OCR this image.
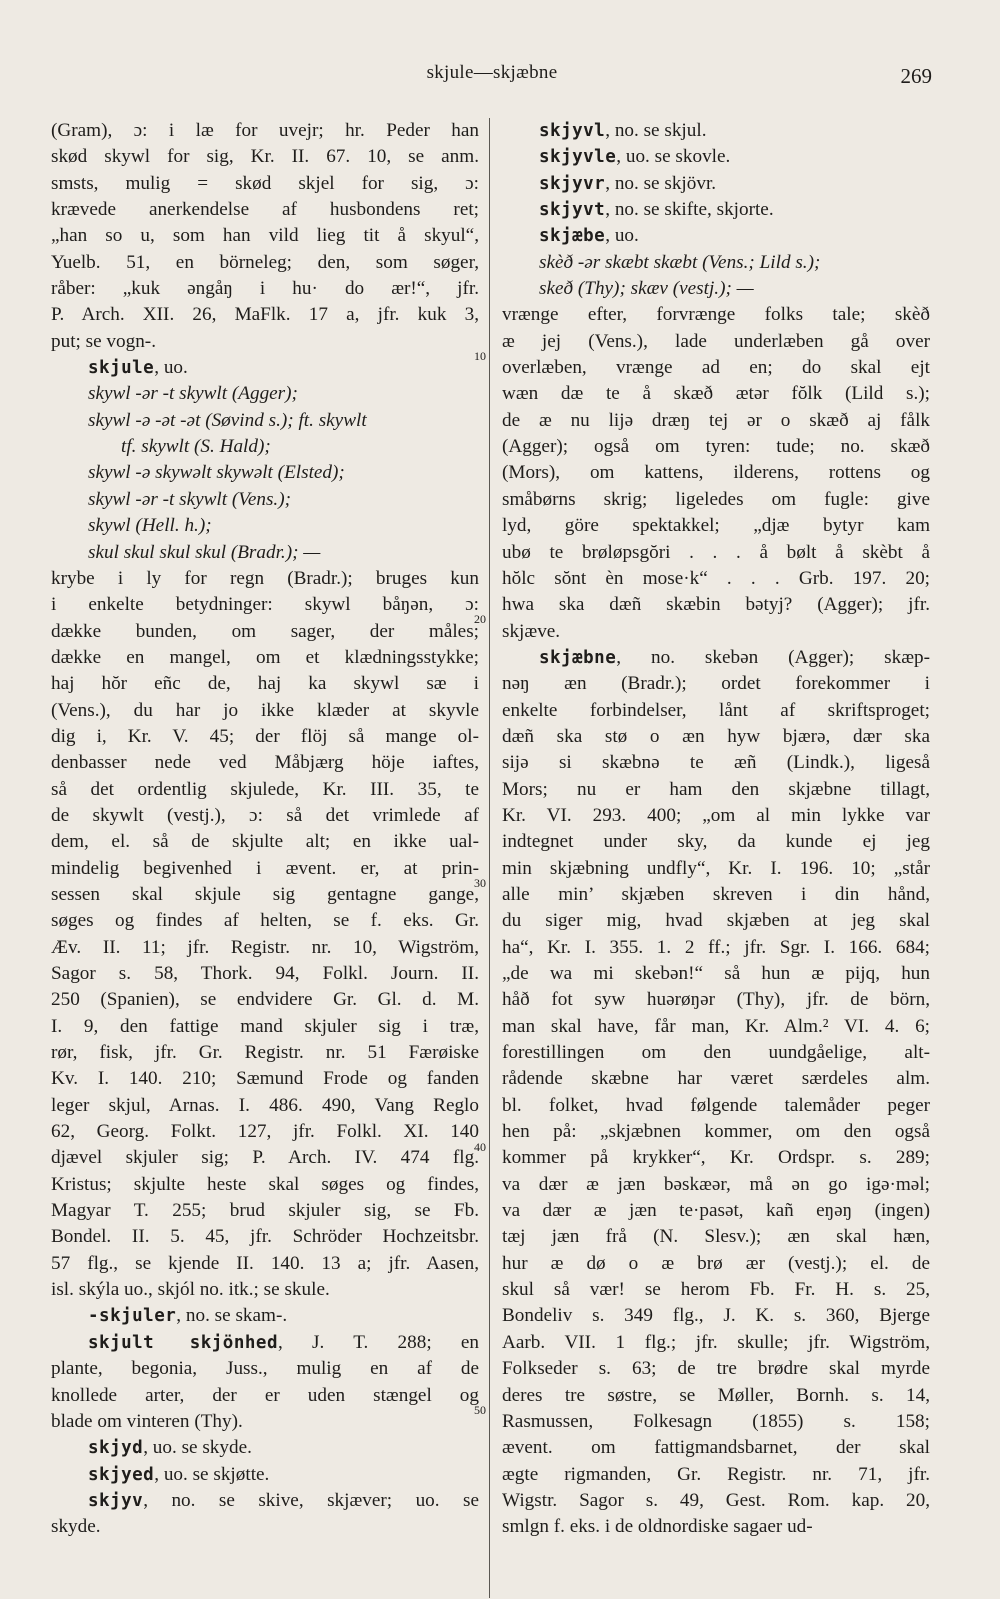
skjule—skjæbne	269
10
20
30
40
50
(Gram), ɔ: i læ for uvejr; hr. Peder han
skød skywl for sig, Kr. II. 67. 10, se anm.
smsts, mulig = skød skjel for sig, ɔ:
krævede anerkendelse af husbondens ret;
„han so u, som han vild lieg tit å skyul“,
Yuelb. 51, en börneleg; den, som søger,
råber: „kuk əngåŋ i hu· do ær!“, jfr.
P. Arch. XII. 26, MaFlk. 17 a, jfr. kuk 3,
put; se vogn-.
skjule, uo.
skywl -ər -t skywlt (Agger);
skywl -ə -ət -ət (Søvind s.); ft. skywlt
tf. skywlt (S. Hald);
skywl -ə skywəlt skywəlt (Elsted);
skywl -ər -t skywlt (Vens.);
skywl (Hell. h.);
skul skul skul skul (Bradr.); —
krybe i ly for regn (Bradr.); bruges kun
i enkelte betydninger: skywl båŋən, ɔ:
dække bunden, om sager, der måles;
dække en mangel, om et klædningsstykke;
haj hŏr eñc de, haj ka skywl sæ i
(Vens.), du har jo ikke klæder at skyvle
dig i, Kr. V. 45; der flöj så mange ol-
denbasser nede ved Måbjærg höje iaftes,
så det ordentlig skjulede, Kr. III. 35, te
de skywlt (vestj.), ɔ: så det vrimlede af
dem, el. så de skjulte alt; en ikke ual-
mindelig begivenhed i ævent. er, at prin-
sessen skal skjule sig gentagne gange,
søges og findes af helten, se f. eks. Gr.
Æv. II. 11; jfr. Registr. nr. 10, Wigström,
Sagor s. 58, Thork. 94, Folkl. Journ. II.
250 (Spanien), se endvidere Gr. Gl. d. M.
I. 9, den fattige mand skjuler sig i træ,
rør, fisk, jfr. Gr. Registr. nr. 51 Færøiske
Kv. I. 140. 210; Sæmund Frode og fanden
leger skjul, Arnas. I. 486. 490, Vang Reglo
62, Georg. Folkt. 127, jfr. Folkl. XI. 140
djævel skjuler sig; P. Arch. IV. 474 flg.
Kristus; skjulte heste skal søges og findes,
Magyar T. 255; brud skjuler sig, se Fb.
Bondel. II. 5. 45, jfr. Schröder Hochzeitsbr.
57 flg., se kjende II. 140. 13 a; jfr. Aasen,
isl. skýla uo., skjól no. itk.; se skule.
-skjuler, no. se skam-.
skjult skjönhed, J. T. 288; en
plante, begonia, Juss., mulig en af de
knollede arter, der er uden stængel og
blade om vinteren (Thy).
skjyd, uo. se skyde.
skjyed, uo. se skjøtte.
skjyv, no. se skive, skjæver; uo. se
skyde.
skjyvl, no. se skjul.
skjyvle, uo. se skovle.
skjyvr, no. se skjövr.
skjyvt, no. se skifte, skjorte.
skjæbe, uo.
skèð -ər skæbt skæbt (Vens.; Lild s.);
skeð (Thy); skæv (vestj.); —
vrænge efter, forvrænge folks tale; skèð
æ jej (Vens.), lade underlæben gå over
overlæben, vrænge ad en; do skal ejt
wæn dæ te å skæð ætər fŏlk (Lild s.);
de æ nu lijə dræŋ tej ər o skæð aj fålk
(Agger); også om tyren: tude; no. skæð
(Mors), om kattens, ilderens, rottens og
småbørns skrig; ligeledes om fugle: give
lyd, göre spektakkel; „djæ bytyr kam
ubø te brøløpsgŏri . . . å bølt å skèbt å
hŏlc sŏnt èn mose·k“ . . . Grb. 197. 20;
hwa ska dæñ skæbin bətyj? (Agger); jfr.
skjæve.
skjæbne, no. skebən (Agger); skæp-
nəŋ æn (Bradr.); ordet forekommer i
enkelte forbindelser, lånt af skriftsproget;
dæñ ska stø o æn hyw bjærə, dær ska
sijə si skæbnə te æñ (Lindk.), ligeså
Mors; nu er ham den skjæbne tillagt,
Kr. VI. 293. 400; „om al min lykke var
indtegnet under sky, da kunde ej jeg
min skjæbning undfly“, Kr. I. 196. 10; „står
alle min’ skjæben skreven i din hånd,
du siger mig, hvad skjæben at jeg skal
ha“, Kr. I. 355. 1. 2 ff.; jfr. Sgr. I. 166. 684;
„de wa mi skebən!“ så hun æ pijq, hun
håð fot syw huərøŋər (Thy), jfr. de börn,
man skal have, får man, Kr. Alm.² VI. 4. 6;
forestillingen om den uundgåelige, alt-
rådende skæbne har været særdeles alm.
bl. folket, hvad følgende talemåder peger
hen på: „skjæbnen kommer, om den også
kommer på krykker“, Kr. Ordspr. s. 289;
va dær æ jæn bəskæər, må ən go igə·məl;
va dær æ jæn te·pasət, kañ eŋəŋ (ingen)
tæj jæn frå (N. Slesv.); æn skal hæn,
hur æ dø o æ brø ær (vestj.); el. de
skul så vær! se herom Fb. Fr. H. s. 25,
Bondeliv s. 349 flg., J. K. s. 360, Bjerge
Aarb. VII. 1 flg.; jfr. skulle; jfr. Wigström,
Folkseder s. 63; de tre brødre skal myrde
deres tre søstre, se Møller, Bornh. s. 14,
Rasmussen, Folkesagn (1855) s. 158;
ævent. om fattigmandsbarnet, der skal
ægte rigmanden, Gr. Registr. nr. 71, jfr.
Wigstr. Sagor s. 49, Gest. Rom. kap. 20,
smlgn f. eks. i de oldnordiske sagaer ud-
